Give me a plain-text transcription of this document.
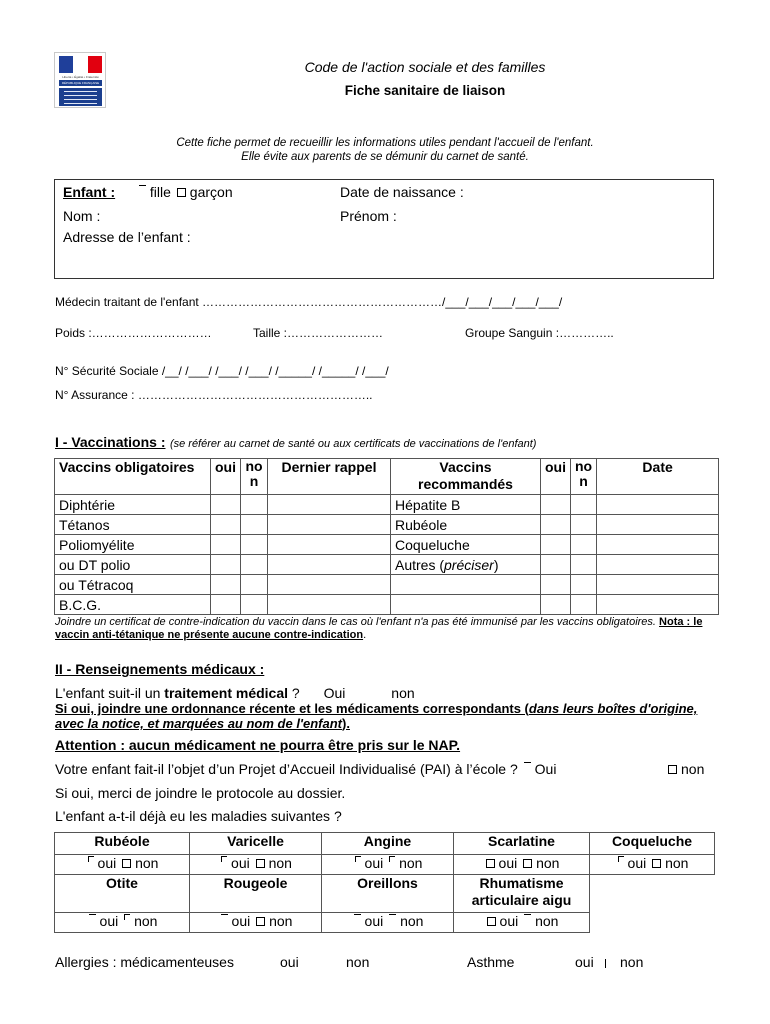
Liberté • Égalité • Fraternité
RÉPUBLIQUE FRANÇAISE
Code de l'action sociale et des familles
Fiche sanitaire de liaison
Cette fiche permet de recueillir les informations utiles pendant l'accueil de l'enfant.
Elle évite aux parents de se démunir du carnet de santé.
Enfant : fille garçon	Date de naissance :
Nom :	Prénom :
Adresse de l’enfant :
Médecin traitant de l'enfant ……………………………………………………/___/___/___/___/___/
Poids :…………………………	Taille :……………………	Groupe Sanguin :…………..
N° Sécurité Sociale /__/ /___/ /___/ /___/ /_____/ /_____/ /___/
N° Assurance : …………………………………………………..
I - Vaccinations : (se référer au carnet de santé ou aux certificats de vaccinations de l'enfant)
Vaccins obligatoires	oui	no n	Dernier rappel	Vaccins recommandés	oui	no n	Date
Diphtérie				Hépatite B			
Tétanos				Rubéole			
Poliomyélite				Coqueluche			
ou DT polio				Autres (préciser)			
ou Tétracoq							
B.C.G.							
Joindre un certificat de contre-indication du vaccin dans le cas où l'enfant n'a pas été immunisé par les vaccins obligatoires. Nota : le vaccin anti-tétanique ne présente aucune contre-indication.
II - Renseignements médicaux :
L'enfant suit-il un traitement médical ? Oui	non
Si oui, joindre une ordonnance récente et les médicaments correspondants (dans leurs boîtes d'origine, avec la notice, et marquées au nom de l'enfant).
Attention : aucun médicament ne pourra être pris sur le NAP.
Votre enfant fait-il l’objet d’un Projet d’Accueil Individualisé (PAI) à l’école ? Oui	non
Si oui, merci de joindre le protocole au dossier.
L'enfant a-t-il déjà eu les maladies suivantes ?
Rubéole	Varicelle	Angine	Scarlatine	Coqueluche
oui non	oui non	oui non	oui non	oui non
Otite	Rougeole	Oreillons	Rhumatisme articulaire aigu	
oui non	oui non	oui non	oui non	
Allergies : médicamenteuses	oui	non	Asthme	oui non
